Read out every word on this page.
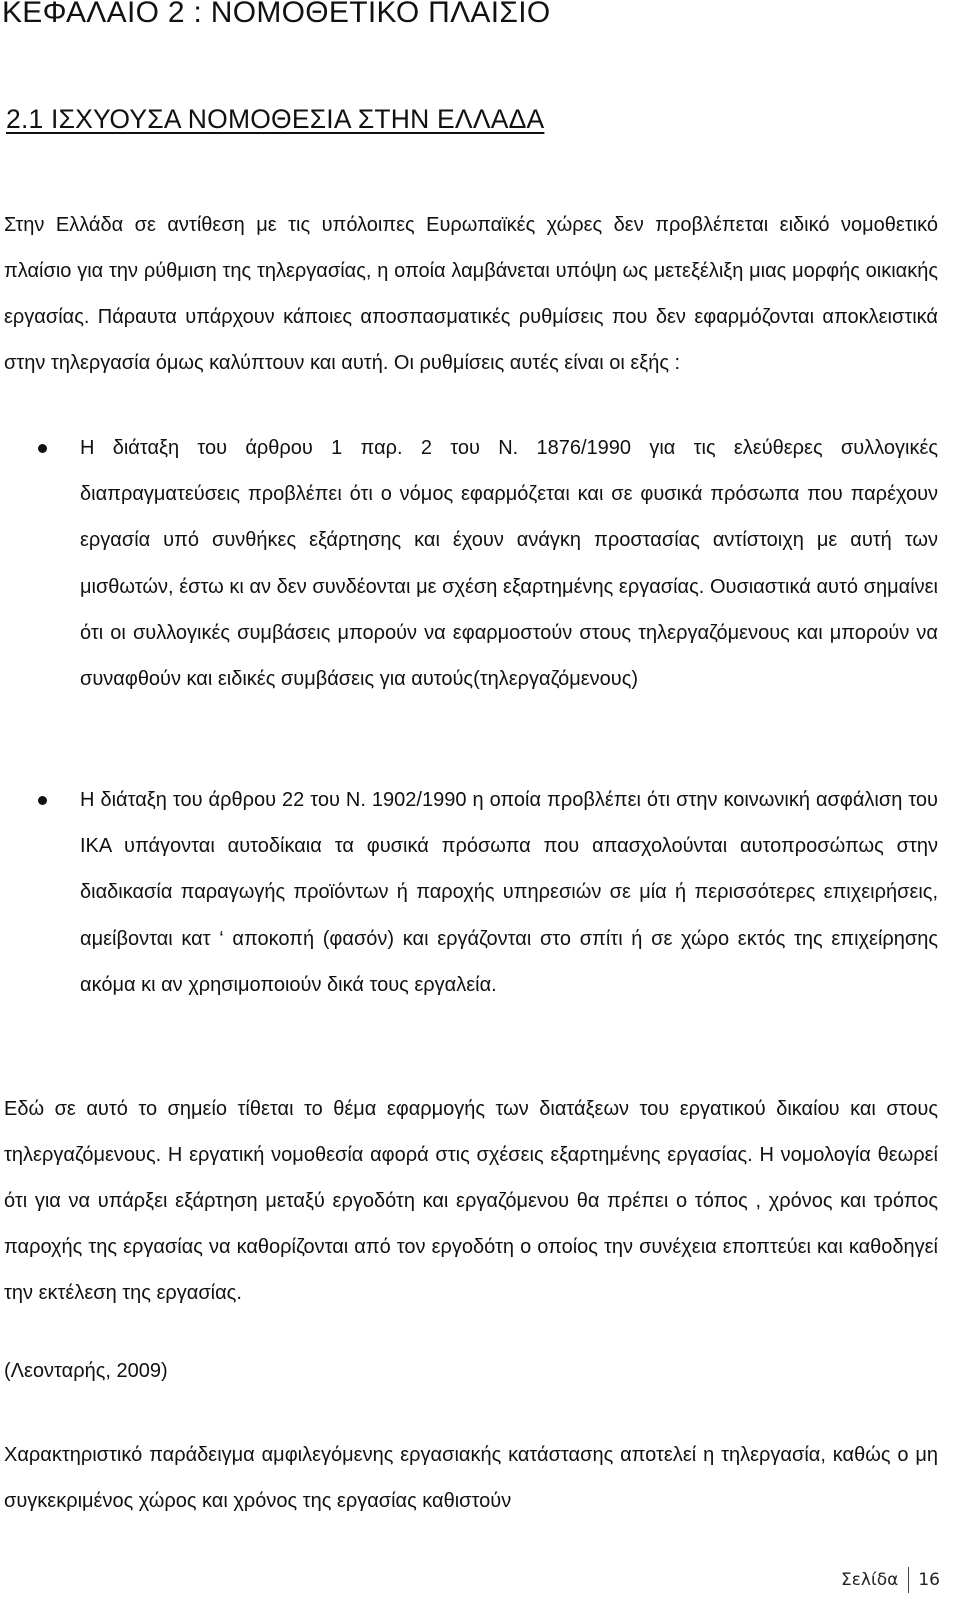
ΚΕΦΑΛΑΙΟ 2 : ΝΟΜΟΘΕΤΙΚΟ ΠΛΑΙΣΙΟ
2.1 ΙΣΧΥΟΥΣΑ ΝΟΜΟΘΕΣΙΑ ΣΤΗΝ ΕΛΛΑΔΑ

Στην Ελλάδα σε αντίθεση με τις υπόλοιπες Ευρωπαϊκές χώρες δεν προβλέπεται ειδικό νομοθετικό πλαίσιο για την ρύθμιση της τηλεργασίας, η οποία λαμβάνεται υπόψη ως μετεξέλιξη μιας μορφής οικιακής εργασίας. Πάραυτα υπάρχουν κάποιες αποσπασματικές ρυθμίσεις που δεν εφαρμόζονται αποκλειστικά στην τηλεργασία όμως καλύπτουν και αυτή. Οι ρυθμίσεις αυτές είναι οι εξής :

Η διάταξη του άρθρου 1 παρ. 2 του Ν. 1876/1990 για τις ελεύθερες συλλογικές διαπραγματεύσεις προβλέπει ότι ο νόμος εφαρμόζεται και σε φυσικά πρόσωπα που παρέχουν εργασία υπό συνθήκες εξάρτησης και έχουν ανάγκη προστασίας αντίστοιχη με αυτή των μισθωτών, έστω κι αν δεν συνδέονται με σχέση εξαρτημένης εργασίας. Ουσιαστικά αυτό σημαίνει ότι οι συλλογικές συμβάσεις μπορούν να εφαρμοστούν στους τηλεργαζόμενους και μπορούν να συναφθούν και ειδικές συμβάσεις για αυτούς(τηλεργαζόμενους)
Η διάταξη του άρθρου 22 του Ν. 1902/1990 η οποία προβλέπει ότι στην κοινωνική ασφάλιση του ΙΚΑ υπάγονται αυτοδίκαια τα φυσικά πρόσωπα που απασχολούνται αυτοπροσώπως στην διαδικασία παραγωγής προϊόντων ή παροχής υπηρεσιών σε μία ή περισσότερες επιχειρήσεις, αμείβονται κατ ‘ αποκοπή (φασόν) και εργάζονται στο σπίτι ή σε χώρο εκτός της επιχείρησης ακόμα κι αν χρησιμοποιούν δικά τους εργαλεία.

Εδώ σε αυτό το σημείο τίθεται το θέμα εφαρμογής των διατάξεων του εργατικού δικαίου και στους τηλεργαζόμενους. Η εργατική νομοθεσία αφορά στις σχέσεις εξαρτημένης εργασίας. Η νομολογία θεωρεί ότι για να υπάρξει εξάρτηση μεταξύ εργοδότη και εργαζόμενου θα πρέπει ο τόπος , χρόνος και τρόπος παροχής της εργασίας να καθορίζονται από τον εργοδότη ο οποίος την συνέχεια εποπτεύει και καθοδηγεί την εκτέλεση της εργασίας.

(Λεονταρής, 2009)

Χαρακτηριστικό παράδειγμα αμφιλεγόμενης εργασιακής κατάστασης αποτελεί η τηλεργασία, καθώς ο μη συγκεκριμένος χώρος και χρόνος της εργασίας καθιστούν

Σελίδα 16
